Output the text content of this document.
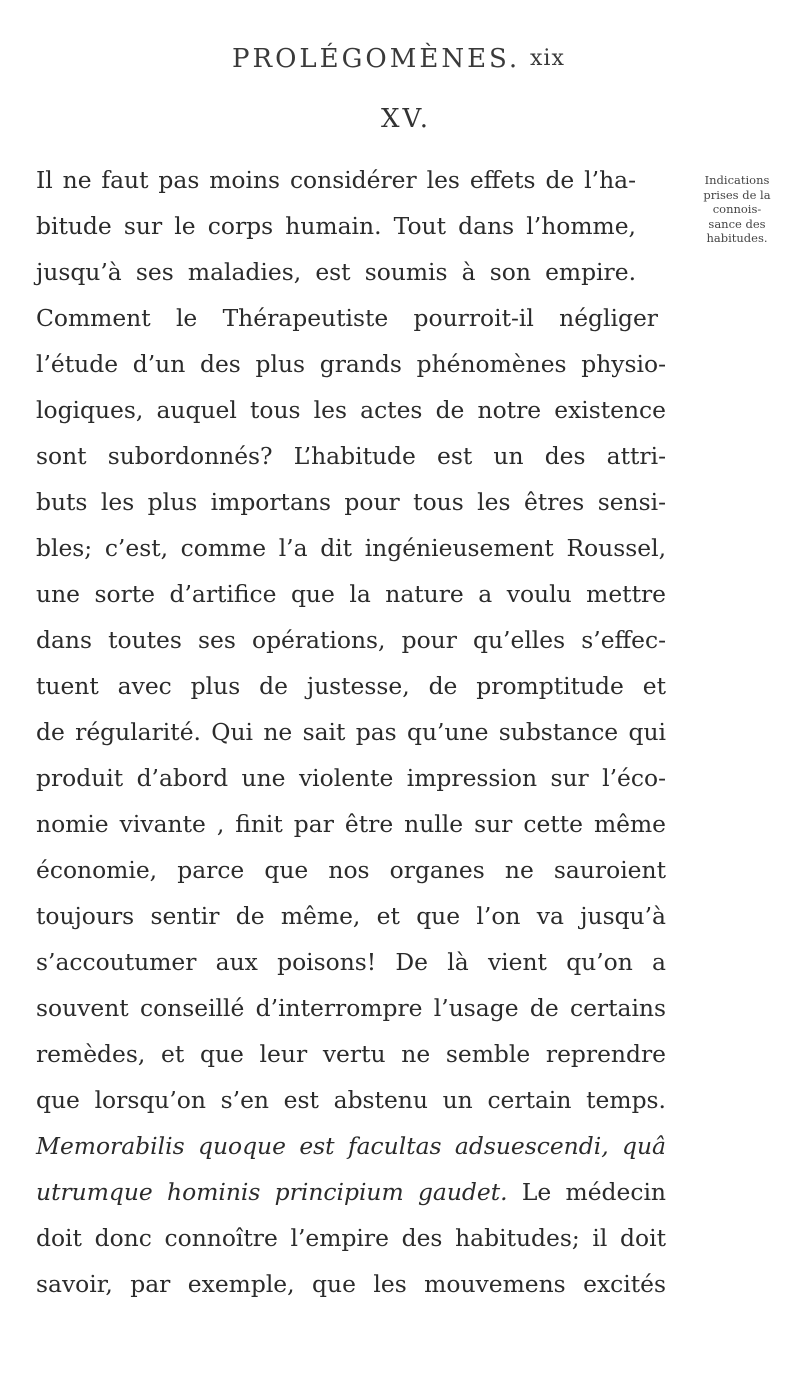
PROLÉGOMÈNES. xix
XV.
Indications
prises de la
connois-
sance des
habitudes.
Il ne faut pas moins considérer les effets de l’ha-
bitude sur le corps humain. Tout dans l’homme,
jusqu’à ses maladies, est soumis à son empire.
Comment le Thérapeutiste pourroit-il négliger
l’étude d’un des plus grands phénomènes physio-
logiques, auquel tous les actes de notre existence
sont subordonnés? L’habitude est un des attri-
buts les plus importans pour tous les êtres sensi-
bles; c’est, comme l’a dit ingénieusement Roussel,
une sorte d’artifice que la nature a voulu mettre
dans toutes ses opérations, pour qu’elles s’effec-
tuent avec plus de justesse, de promptitude et
de régularité. Qui ne sait pas qu’une substance qui
produit d’abord une violente impression sur l’éco-
nomie vivante , finit par être nulle sur cette même
économie, parce que nos organes ne sauroient
toujours sentir de même, et que l’on va jusqu’à
s’accoutumer aux poisons! De là vient qu’on a
souvent conseillé d’interrompre l’usage de certains
remèdes, et que leur vertu ne semble reprendre
que lorsqu’on s’en est abstenu un certain temps.
Memorabilis quoque est facultas adsuescendi, quâ
utrumque hominis principium gaudet. Le médecin
doit donc connoître l’empire des habitudes; il doit
savoir, par exemple, que les mouvemens excités
